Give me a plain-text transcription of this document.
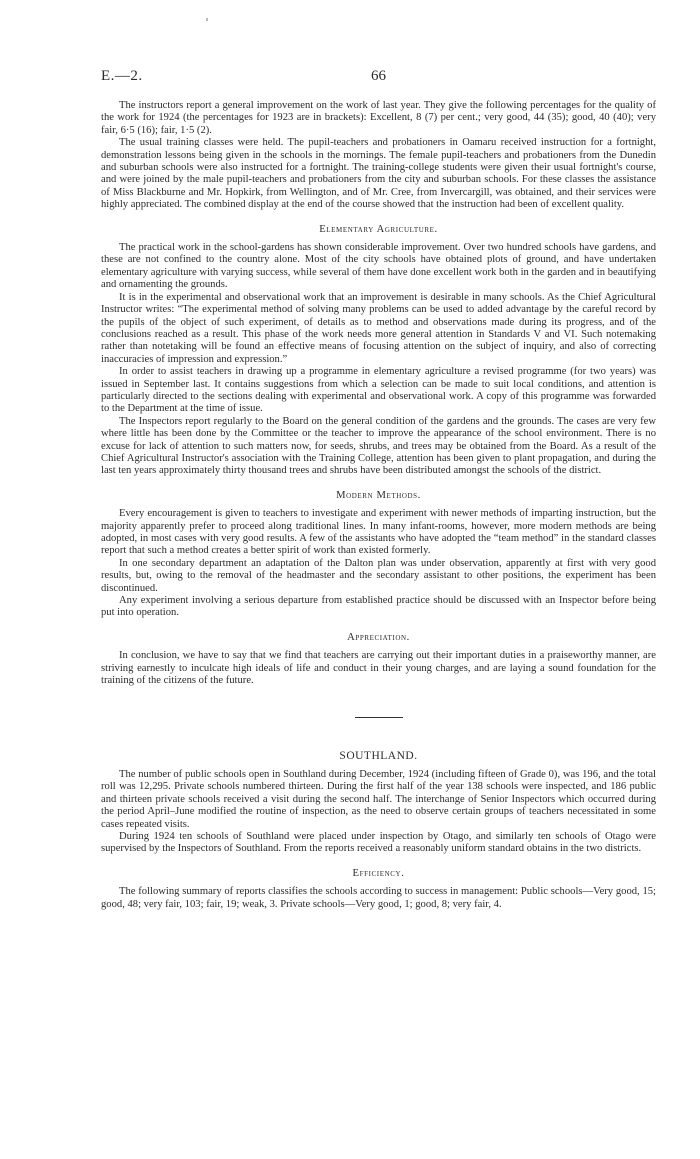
E.—2.	66

The instructors report a general improvement on the work of last year. They give the following percentages for the quality of the work for 1924 (the percentages for 1923 are in brackets): Excellent, 8 (7) per cent.; very good, 44 (35); good, 40 (40); very fair, 6·5 (16); fair, 1·5 (2).

The usual training classes were held. The pupil-teachers and probationers in Oamaru received instruction for a fortnight, demonstration lessons being given in the schools in the mornings. The female pupil-teachers and probationers from the Dunedin and suburban schools were also instructed for a fortnight. The training-college students were given their usual fortnight's course, and were joined by the male pupil-teachers and probationers from the city and suburban schools. For these classes the assistance of Miss Blackburne and Mr. Hopkirk, from Wellington, and of Mr. Cree, from Invercargill, was obtained, and their services were highly appreciated. The combined display at the end of the course showed that the instruction had been of excellent quality.

Elementary Agriculture.

The practical work in the school-gardens has shown considerable improvement. Over two hundred schools have gardens, and these are not confined to the country alone. Most of the city schools have obtained plots of ground, and have undertaken elementary agriculture with varying success, while several of them have done excellent work both in the garden and in beautifying and ornamenting the grounds.

It is in the experimental and observational work that an improvement is desirable in many schools. As the Chief Agricultural Instructor writes: “The experimental method of solving many problems can be used to added advantage by the careful record by the pupils of the object of such experiment, of details as to method and observations made during its progress, and of the conclusions reached as a result. This phase of the work needs more general attention in Standards V and VI. Such notemaking rather than notetaking will be found an effective means of focusing attention on the subject of inquiry, and also of correcting inaccuracies of impression and expression.”

In order to assist teachers in drawing up a programme in elementary agriculture a revised programme (for two years) was issued in September last. It contains suggestions from which a selection can be made to suit local conditions, and attention is particularly directed to the sections dealing with experimental and observational work. A copy of this programme was forwarded to the Department at the time of issue.

The Inspectors report regularly to the Board on the general condition of the gardens and the grounds. The cases are very few where little has been done by the Committee or the teacher to improve the appearance of the school environment. There is no excuse for lack of attention to such matters now, for seeds, shrubs, and trees may be obtained from the Board. As a result of the Chief Agricultural Instructor's association with the Training College, attention has been given to plant propagation, and during the last ten years approximately thirty thousand trees and shrubs have been distributed amongst the schools of the district.

Modern Methods.

Every encouragement is given to teachers to investigate and experiment with newer methods of imparting instruction, but the majority apparently prefer to proceed along traditional lines. In many infant-rooms, however, more modern methods are being adopted, in most cases with very good results. A few of the assistants who have adopted the “team method” in the standard classes report that such a method creates a better spirit of work than existed formerly.

In one secondary department an adaptation of the Dalton plan was under observation, apparently at first with very good results, but, owing to the removal of the headmaster and the secondary assistant to other positions, the experiment has been discontinued.

Any experiment involving a serious departure from established practice should be discussed with an Inspector before being put into operation.

Appreciation.

In conclusion, we have to say that we find that teachers are carrying out their important duties in a praiseworthy manner, are striving earnestly to inculcate high ideals of life and conduct in their young charges, and are laying a sound foundation for the training of the citizens of the future.

SOUTHLAND.

The number of public schools open in Southland during December, 1924 (including fifteen of Grade 0), was 196, and the total roll was 12,295. Private schools numbered thirteen. During the first half of the year 138 schools were inspected, and 186 public and thirteen private schools received a visit during the second half. The interchange of Senior Inspectors which occurred during the period April–June modified the routine of inspection, as the need to observe certain groups of teachers necessitated in some cases repeated visits.

During 1924 ten schools of Southland were placed under inspection by Otago, and similarly ten schools of Otago were supervised by the Inspectors of Southland. From the reports received a reasonably uniform standard obtains in the two districts.

Efficiency.

The following summary of reports classifies the schools according to success in management: Public schools—Very good, 15; good, 48; very fair, 103; fair, 19; weak, 3. Private schools—Very good, 1; good, 8; very fair, 4.
